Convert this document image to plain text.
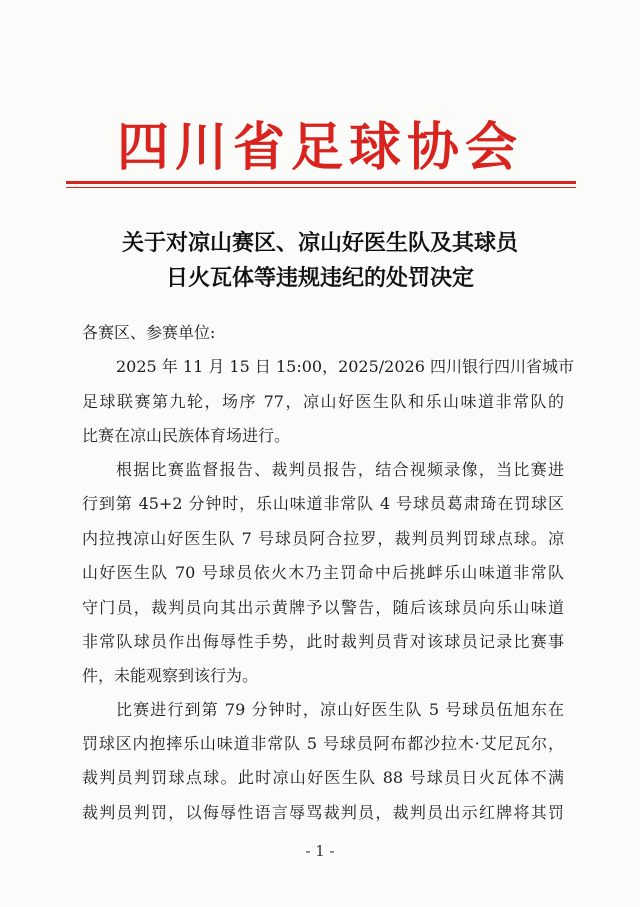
四川省足球协会
关于对凉山赛区、凉山好医生队及其球员
日火瓦体等违规违纪的处罚决定
各赛区、参赛单位:
2025 年 11 月 15 日 15:00，2025/2026 四川银行四川省城市
足球联赛第九轮，场序 77，凉山好医生队和乐山味道非常队的
比赛在凉山民族体育场进行。
根据比赛监督报告、裁判员报告，结合视频录像，当比赛进
行到第 45+2 分钟时，乐山味道非常队 4 号球员葛肃琦在罚球区
内拉拽凉山好医生队 7 号球员阿合拉罗，裁判员判罚球点球。凉
山好医生队 70 号球员依火木乃主罚命中后挑衅乐山味道非常队
守门员，裁判员向其出示黄牌予以警告，随后该球员向乐山味道
非常队球员作出侮辱性手势，此时裁判员背对该球员记录比赛事
件，未能观察到该行为。
比赛进行到第 79 分钟时，凉山好医生队 5 号球员伍旭东在
罚球区内抱摔乐山味道非常队 5 号球员阿布都沙拉木·艾尼瓦尔，
裁判员判罚球点球。此时凉山好医生队 88 号球员日火瓦体不满
裁判员判罚，以侮辱性语言辱骂裁判员，裁判员出示红牌将其罚
- 1 -
